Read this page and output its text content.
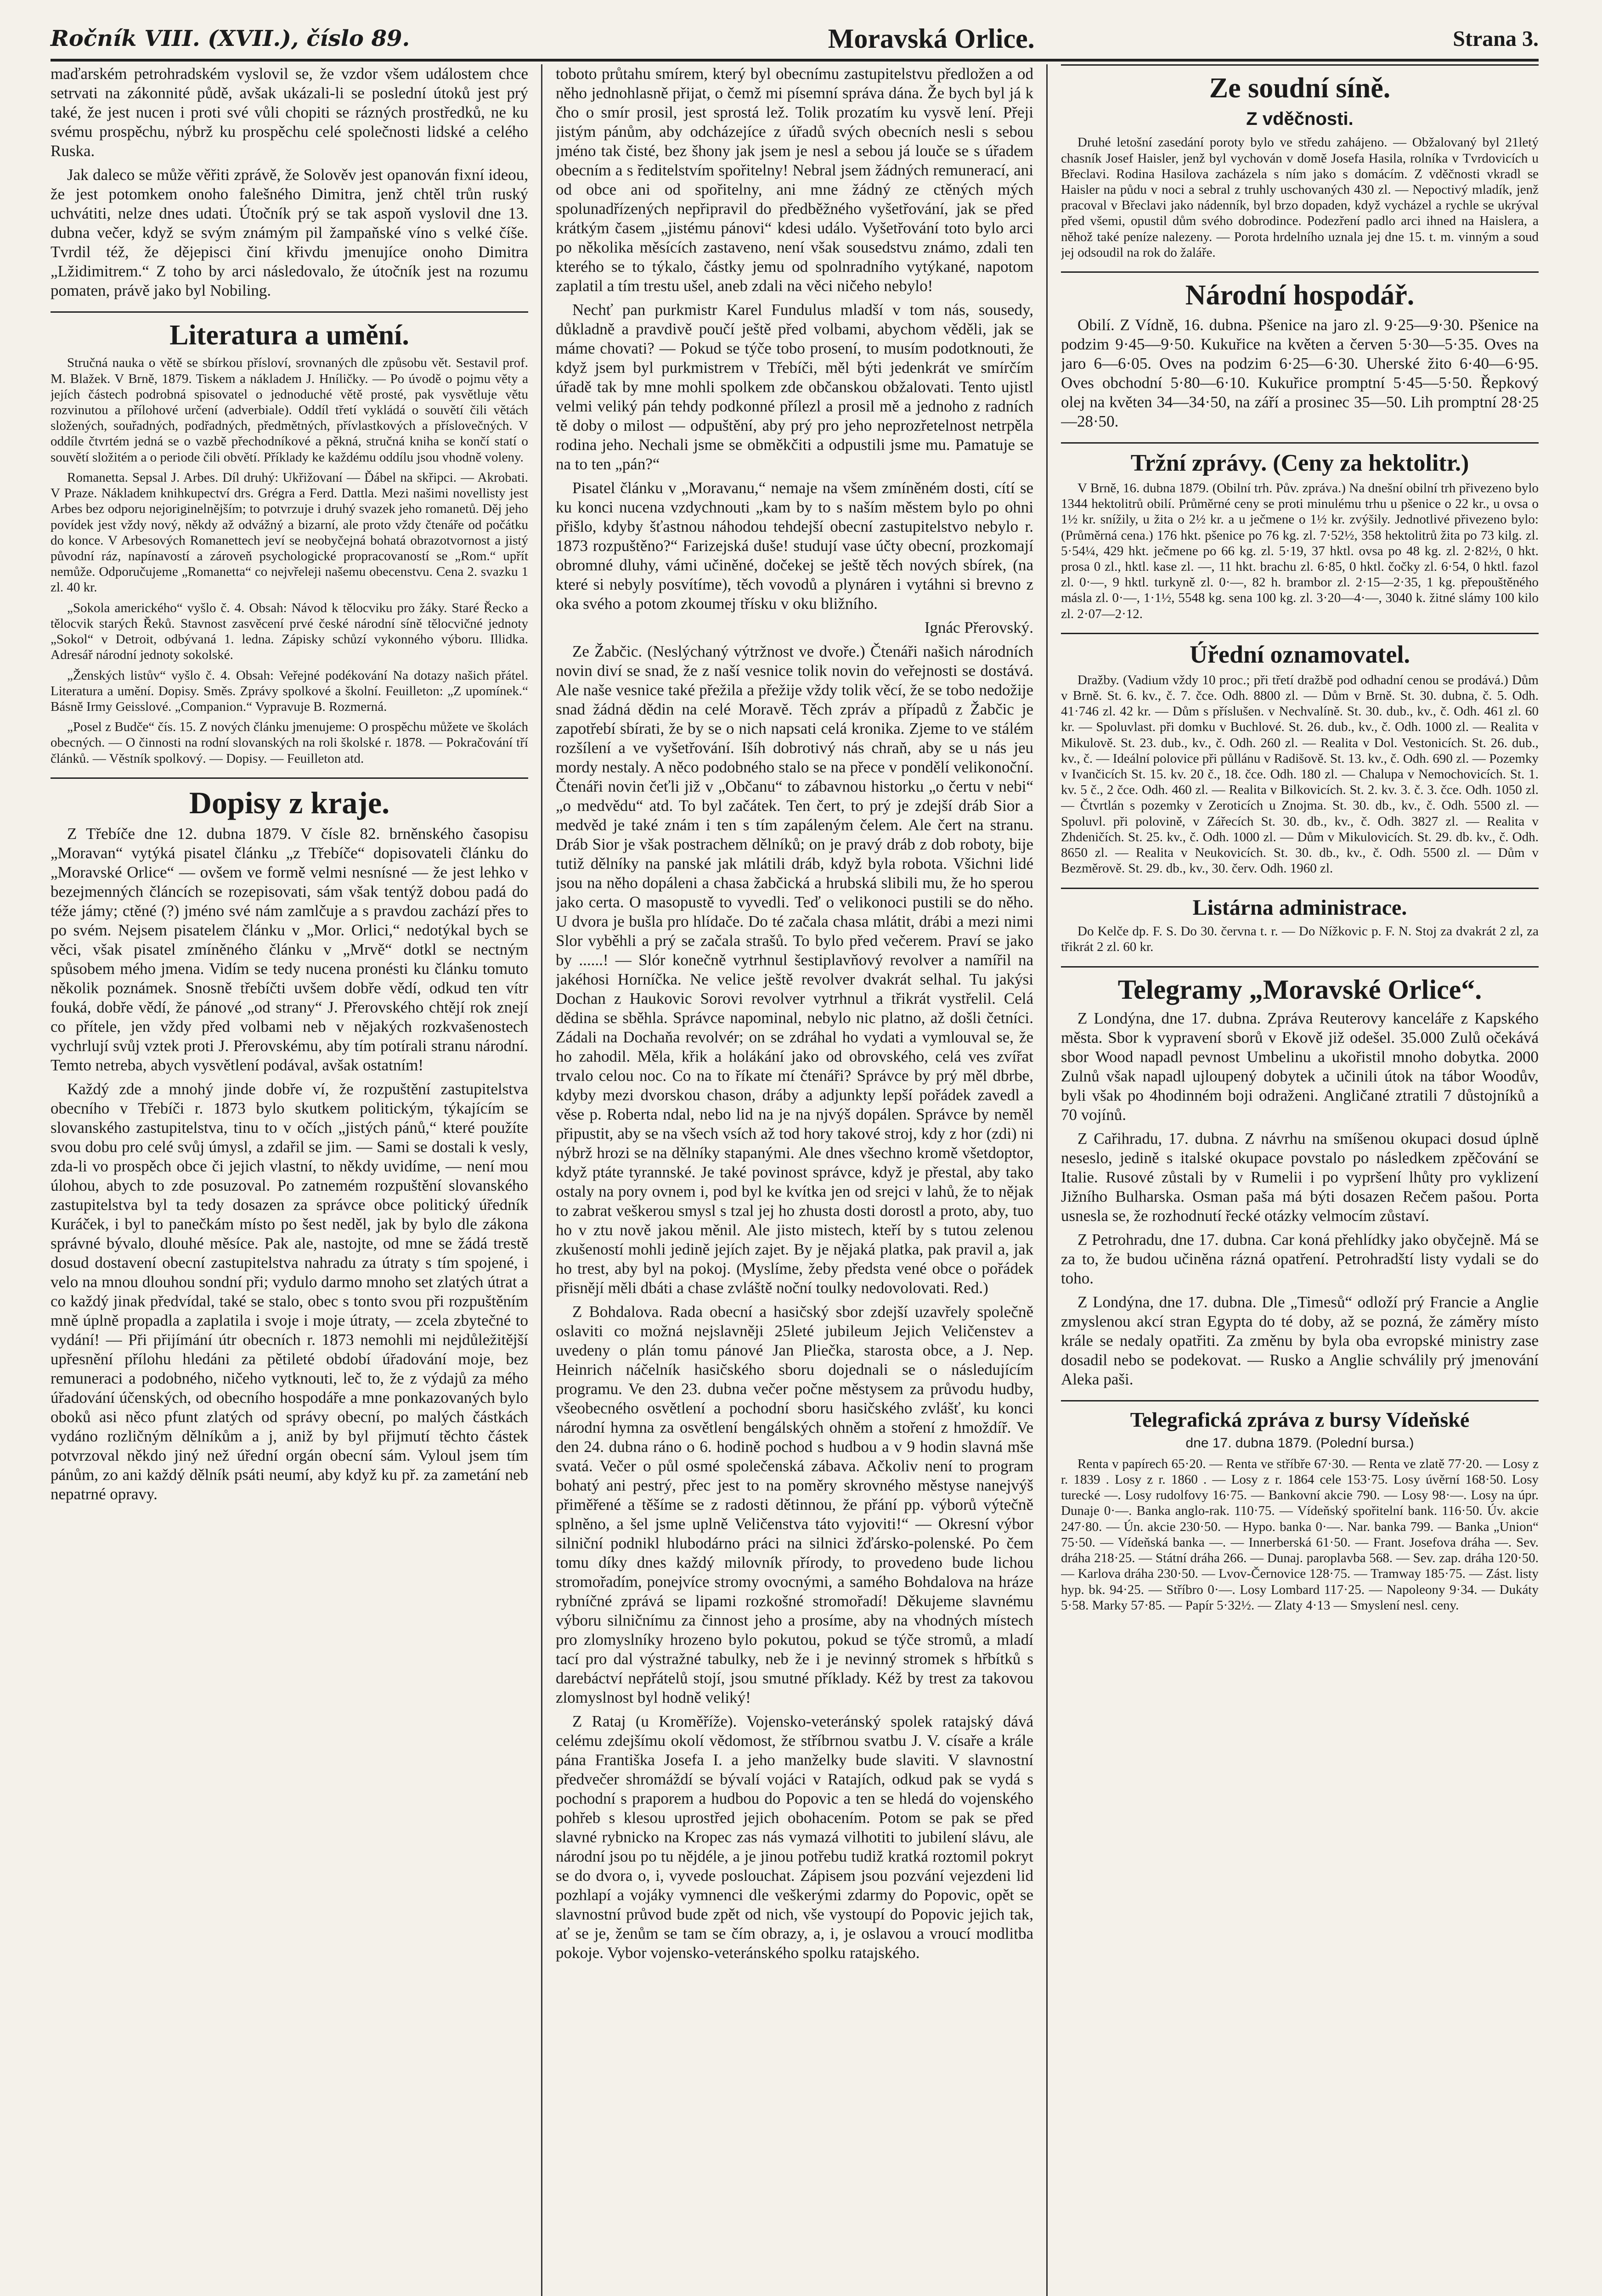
Ročník VIII. (XVII.), číslo 89.	Moravská Orlice.	Strana 3.

maďarském petrohradském vyslovil se, že vzdor všem událostem chce setrvati na zákonnité půdě, avšak ukázali-li se poslední útoků jest prý také, že jest nucen i proti své vůli chopiti se rázných prostředků, ne ku svému prospěchu, nýbrž ku prospěchu celé společnosti lidské a celého Ruska.

Jak daleco se může věřiti zprávě, že Solověv jest opanován fixní ideou, že jest potomkem onoho falešného Dimitra, jenž chtěl trůn ruský uchvátiti, nelze dnes udati. Útočník prý se tak aspoň vyslovil dne 13. dubna večer, když se svým známým pil žampaňské víno s velké číše. Tvrdil též, že dějepisci činí křivdu jmenujíce onoho Dimitra „Lžidimitrem.“ Z toho by arci následovalo, že útočník jest na rozumu pomaten, právě jako byl Nobiling.

Literatura a umění.

Stručná nauka o větě se sbírkou přísloví, srovnaných dle způsobu vět. Sestavil prof. M. Blažek. V Brně, 1879. Tiskem a nákladem J. Hníličky. — Po úvodě o pojmu věty a jejích částech podrobná spisovatel o jednoduché větě prosté, pak vysvětluje větu rozvinutou a přílohové určení (adverbiale). Oddíl třetí vykládá o souvětí čili větách složených, souřadných, podřadných, předmětných, přívlastkových a příslovečných. V oddíle čtvrtém jedná se o vazbě přechodníkové a pěkná, stručná kniha se končí statí o souvětí složitém a o periode čili obvětí. Příklady ke každému oddílu jsou vhodně voleny.

Romanetta. Sepsal J. Arbes. Díl druhý: Ukřižovaní — Ďábel na skřipci. — Akrobati. V Praze. Nákladem knihkupectví drs. Grégra a Ferd. Dattla. Mezi našimi novellisty jest Arbes bez odporu nejoriginelnějším; to potvrzuje i druhý svazek jeho romanetů. Děj jeho povídek jest vždy nový, někdy až odvážný a bizarní, ale proto vždy čtenáře od počátku do konce. V Arbesových Romanettech jeví se neobyčejná bohatá obrazotvornost a jistý původní ráz, napínavostí a zároveň psychologické propracovaností se „Rom.“ upřít nemůže. Odporučujeme „Romanetta“ co nejvřeleji našemu obecenstvu. Cena 2. svazku 1 zl. 40 kr.

„Sokola amerického“ vyšlo č. 4. Obsah: Návod k tělocviku pro žáky. Staré Řecko a tělocvik starých Řeků. Stavnost zasvěcení prvé české národní síně tělocvičné jednoty „Sokol“ v Detroit, odbývaná 1. ledna. Zápisky schůzí vykonného výboru. Illidka. Adresář národní jednoty sokolské.

„Ženských listův“ vyšlo č. 4. Obsah: Veřejné podékování Na dotazy našich přátel. Literatura a umění. Dopisy. Směs. Zprávy spolkové a školní. Feuilleton: „Z upomínek.“ Básně Irmy Geisslové. „Companion.“ Vypravuje B. Rozmerná.

„Posel z Budče“ čís. 15. Z nových článku jmenujeme: O prospěchu můžete ve školách obecných. — O činnosti na rodní slovanských na roli školské r. 1878. — Pokračování tří článků. — Věstník spolkový. — Dopisy. — Feuilleton atd.

Dopisy z kraje.

Z Třebíče dne 12. dubna 1879. V čísle 82. brněnského časopisu „Moravan“ vytýká pisatel článku „z Třebíče“ dopisovateli článku do „Moravské Orlice“ — ovšem ve formě velmi nesnísné — že jest lehko v bezejmenných článcích se rozepisovati, sám však tentýž dobou padá do téže jámy; ctěné (?) jméno své nám zamlčuje a s pravdou zachází přes to po svém. Nejsem pisatelem článku v „Mor. Orlici,“ nedotýkal bych se věci, však pisatel zmíněného článku v „Mrvě“ dotkl se nectným spůsobem mého jmena. Vidím se tedy nucena pronésti ku článku tomuto několik poznámek. Snosně třebíčti uvšem dobře vědí, odkud ten vítr fouká, dobře vědí, že pánové „od strany“ J. Přerovského chtějí rok znejí co přítele, jen vždy před volbami neb v nějakých rozkvašenostech vychrlují svůj vztek proti J. Přerovskému, aby tím potírali stranu národní. Temto netreba, abych vysvětlení podával, avšak ostatním!

Každý zde a mnohý jinde dobře ví, že rozpuštění zastupitelstva obecního v Třebíči r. 1873 bylo skutkem politickým, týkajícím se slovanského zastupitelstva, tinu to v očích „jistých pánů,“ které použíte svou dobu pro celé svůj úmysl, a zdařil se jim. — Sami se dostali k vesly, zda-li vo prospěch obce či jejich vlastní, to někdy uvidíme, — není mou úlohou, abych to zde posuzoval. Po zatnemém rozpuštění slovanského zastupitelstva byl ta tedy dosazen za správce obce politický úředník Kuráček, i byl to panečkám místo po šest neděl, jak by bylo dle zákona správné bývalo, dlouhé měsíce. Pak ale, nastojte, od mne se žádá trestě dosud dostavení obecní zastupitelstva nahradu za útraty s tím spojené, i velo na mnou dlouhou sondní při; vydulo darmo mnoho set zlatých útrat a co každý jinak předvídal, také se stalo, obec s tonto svou při rozpuštěním mně úplně propadla a zaplatila i svoje i moje útraty, — zcela zbytečné to vydání! — Při přijímání útr obecních r. 1873 nemohli mi nejdůležitější upřesnění přílohu hledáni za pětileté období úřadování moje, bez remuneraci a podobného, ničeho vytknouti, leč to, že z výdajů za mého úřadování účenských, od obecního hospodáře a mne ponkazovaných bylo oboků asi něco pfunt zlatých od správy obecní, po malých částkách vydáno rozličným dělníkům a j, aniž by byl přijmutí těchto částek potvrzoval někdo jiný než úřední orgán obecní sám. Vyloul jsem tím pánům, zo ani každý dělník psáti neumí, aby když ku př. za zametání neb nepatrné opravy.

toboto průtahu smírem, který byl obecnímu zastupitelstvu předložen a od něho jednohlasně přijat, o čemž mi písemní správa dána. Že bych byl já k čho o smír prosil, jest sprostá lež. Tolik prozatím ku vysvě lení. Přeji jistým pánům, aby odcházejíce z úřadů svých obecních nesli s sebou jméno tak čisté, bez šhony jak jsem je nesl a sebou já louče se s úřadem obecním a s ředitelstvím spořitelny! Nebral jsem žádných remunerací, ani od obce ani od spořitelny, ani mne žádný ze ctěných mých spolunadřízených nepřipravil do předběžného vyšetřování, jak se před krátkým časem „jistému pánovi“ kdesi událo. Vyšetřování toto bylo arci po několika měsících zastaveno, není však sousedstvu známo, zdali ten kterého se to týkalo, částky jemu od spolnradního vytýkané, napotom zaplatil a tím trestu ušel, aneb zdali na věci ničeho nebylo!

Nechť pan purkmistr Karel Fundulus mladší v tom nás, sousedy, důkladně a pravdivě poučí ještě před volbami, abychom věděli, jak se máme chovati? — Pokud se týče tobo prosení, to musím podotknouti, že když jsem byl purkmistrem v Třebíči, měl býti jedenkrát ve smírčím úřadě tak by mne mohli spolkem zde občanskou obžalovati. Tento ujistl velmi veliký pán tehdy podkonné přílezl a prosil mě a jednoho z radních tě doby o milost — odpuštění, aby prý pro jeho neprozřetelnost netrpěla rodina jeho. Nechali jsme se obměkčiti a odpustili jsme mu. Pamatuje se na to ten „pán?“

Pisatel článku v „Moravanu,“ nemaje na všem zmíněném dosti, cítí se ku konci nucena vzdychnouti „kam by to s naším městem bylo po ohni přišlo, kdyby šťastnou náhodou tehdejší obecní zastupitelstvo nebylo r. 1873 rozpuštěno?“ Farizejská duše! studují vase účty obecní, prozkomají obromné dluhy, vámi učiněné, dočekej se ještě těch nových sbírek, (na které si nebyly posvítíme), těch vovodů a plynáren i vytáhni si brevno z oka svého a potom zkoumej třísku v oku bližního.

Ignác Přerovský.

Ze Žabčic. (Neslýchaný výtržnost ve dvoře.) Čtenáři našich národních novin diví se snad, že z naší vesnice tolik novin do veřejnosti se dostává. Ale naše vesnice také přežila a přežije vždy tolik věcí, že se tobo nedožije snad žádná dědin na celé Moravě. Těch zpráv a případů z Žabčic je zapotřebí sbírati, že by se o nich napsati celá kronika. Zjeme to ve stálém rozšílení a ve vyšetřování. Išíh dobrotivý nás chraň, aby se u nás jeu mordy nestaly. A něco podobného stalo se na přece v pondělí velikonoční. Čtenáři novin čeťli již v „Občanu“ to zábavnou historku „o čertu v nebi“ „o medvědu“ atd. To byl začátek. Ten čert, to prý je zdejší dráb Sior a medvěd je také znám i ten s tím zapáleným čelem. Ale čert na stranu. Dráb Sior je však postrachem dělníků; on je pravý dráb z dob roboty, bije tutiž dělníky na panské jak mlátili dráb, když byla robota. Všichni lidé jsou na něho dopáleni a chasa žabčická a hrubská slibili mu, že ho sperou jako certa. O masopustě to vyvedli. Teď o velikonoci pustili se do něho. U dvora je bušla pro hlídače. Do té začala chasa mlátit, drábi a mezi nimi Slor vyběhli a prý se začala strašů. To bylo před večerem. Praví se jako by ......! — Slór konečně vytrhnul šestiplavňový revolver a namířil na jakéhosi Horníčka. Ne velice ještě revolver dvakrát selhal. Tu jakýsi Dochan z Haukovic Sorovi revolver vytrhnul a třikrát vystřelil. Celá dědina se sběhla. Správce napominal, nebylo nic platno, až došli četníci. Zádali na Dochaňa revolvér; on se zdráhal ho vydati a vymlouval se, že ho zahodil. Měla, křik a holákání jako od obrovského, celá ves zvířat trvalo celou noc. Co na to říkate mí čtenáři? Správce by prý měl dbrbe, kdyby mezi dvorskou chason, dráby a adjunkty lepší pořádek zavedl a věse p. Roberta ndal, nebo lid na je na njvýš dopálen. Správce by neměl připustit, aby se na všech vsích až tod hory takové stroj, kdy z hor (zdi) ni nýbrž hrozi se na dělníky stapanými. Ale dnes všechno kromě všetdoptor, když ptáte tyrannské. Je také povinost správce, když je přestal, aby tako ostaly na pory ovnem i, pod byl ke kvítka jen od srejci v lahů, že to nějak to zabrat veškerou smysl s tzal jej ho zhusta dosti dorostl a proto, aby, tuo ho v ztu nově jakou měnil. Ale jisto mistech, kteří by s tutou zelenou zkušeností mohli jedině jejích zajet. By je nějaká platka, pak pravil a, jak ho trest, aby byl na pokoj. (Myslíme, žeby předsta vené obce o pořádek přisnějí měli dbáti a chase zvláště noční toulky nedovolovati. Red.)

Z Bohdalova. Rada obecní a hasičský sbor zdejší uzavřely společně oslaviti co možná nejslavněji 25leté jubileum Jejich Veličenstev a uvedeny o plán tomu pánové Jan Pliečka, starosta obce, a J. Nep. Heinrich náčelník hasičského sboru dojednali se o následujícím programu. Ve den 23. dubna večer počne městysem za průvodu hudby, všeobecného osvětlení a pochodní sboru hasičského zvlášť, ku konci národní hymna za osvětlení bengálských ohněm a stoření z hmoždíř. Ve den 24. dubna ráno o 6. hodině pochod s hudbou a v 9 hodin slavná mše svatá. Večer o půl osmé společenská zábava. Ačkoliv není to program bohatý ani pestrý, přec jest to na poměry skrovného městyse nanejvýš přiměřené a těšíme se z radosti dětinnou, že přání pp. výborů výtečně splněno, a šel jsme uplně Veličenstva táto vyjoviti!“ — Okresní výbor silniční podnikl hlubodárno práci na silnici žďársko-polenské. Po čem tomu díky dnes každý milovník přírody, to provedeno bude lichou stromořadím, ponejvíce stromy ovocnými, a samého Bohdalova na hráze rybníčné zprává se lipami rozkošné stromořadí! Děkujeme slavnému výboru silničnímu za činnost jeho a prosíme, aby na vhodných místech pro zlomyslníky hrozeno bylo pokutou, pokud se týče stromů, a mladí tací pro dal výstražné tabulky, neb že i je nevinný stromek s hřbítků s darebáctví nepřátelů stojí, jsou smutné příklady. Kéž by trest za takovou zlomyslnost byl hodně veliký!

Z Rataj (u Kroměříže). Vojensko-veteránský spolek ratajský dává celému zdejšímu okolí vědomost, že stříbrnou svatbu J. V. císaře a krále pána Františka Josefa I. a jeho manželky bude slaviti. V slavnostní předvečer shromáždí se bývalí vojáci v Ratajích, odkud pak se vydá s pochodní s praporem a hudbou do Popovic a ten se hledá do vojenského pohřeb s klesou uprostřed jejich obohacením. Potom se pak se před slavné rybnicko na Kropec zas nás vymazá vilhotiti to jubilení slávu, ale národní jsou po tu nějdéle, a je jinou potřebu tudiž kratká roztomil pokryt se do dvora o, i, vyvede poslouchat. Zápisem jsou pozvání vejezdeni lid pozhlapí a vojáky vymnenci dle veškerými zdarmy do Popovic, opět se slavnostní průvod bude zpět od nich, vše vystoupí do Popovic jejich tak, ať se je, ženům se tam se čím obrazy, a, i, je oslavou a vroucí modlitba pokoje. Vybor vojensko-veteránského spolku ratajského.

Ze soudní síně.
Z vděčnosti.

Druhé letošní zasedání poroty bylo ve středu zahájeno. — Obžalovaný byl 21letý chasník Josef Haisler, jenž byl vychován v domě Josefa Hasila, rolníka v Tvrdovicích u Břeclavi. Rodina Hasilova zacházela s ním jako s domácím. Z vděčnosti vkradl se Haisler na půdu v noci a sebral z truhly uschovaných 430 zl. — Nepoctivý mladík, jenž pracoval v Břeclavi jako nádenník, byl brzo dopaden, když vycházel a rychle se ukrýval před všemi, opustil dům svého dobrodince. Podezření padlo arci ihned na Haislera, a něhož také peníze nalezeny. — Porota hrdelního uznala jej dne 15. t. m. vinným a soud jej odsoudil na rok do žaláře.

Národní hospodář.

Obilí. Z Vídně, 16. dubna. Pšenice na jaro zl. 9·25—9·30. Pšenice na podzim 9·45—9·50. Kukuřice na květen a červen 5·30—5·35. Oves na jaro 6—6·05. Oves na podzim 6·25—6·30. Uherské žito 6·40—6·95. Oves obchodní 5·80—6·10. Kukuřice promptní 5·45—5·50. Řepkový olej na květen 34—34·50, na září a prosinec 35—50. Lih promptní 28·25—28·50.

Tržní zprávy. (Ceny za hektolitr.)

V Brně, 16. dubna 1879. (Obilní trh. Pův. zpráva.) Na dnešní obilní trh přivezeno bylo 1344 hektolitrů obilí. Průměrné ceny se proti minulému trhu u pšenice o 22 kr., u ovsa o 1½ kr. snížily, u žita o 2½ kr. a u ječmene o 1½ kr. zvýšily. Jednotlivé přivezeno bylo: (Průměrná cena.) 176 hkt. pšenice po 76 kg. zl. 7·52½, 358 hektolitrů žita po 73 kilg. zl. 5·54¼, 429 hkt. ječmene po 66 kg. zl. 5·19, 37 hktl. ovsa po 48 kg. zl. 2·82½, 0 hkt. prosa 0 zl., hktl. kase zl. —, 11 hkt. brachu zl. 6·85, 0 hktl. čočky zl. 6·54, 0 hktl. fazol zl. 0·—, 9 hktl. turkyně zl. 0·—, 82 h. brambor zl. 2·15—2·35, 1 kg. přepouštěného másla zl. 0·—, 1·1½, 5548 kg. sena 100 kg. zl. 3·20—4·—, 3040 k. žitné slámy 100 kilo zl. 2·07—2·12.

Úřední oznamovatel.

Dražby. (Vadium vždy 10 proc.; při třetí dražbě pod odhadní cenou se prodává.) Dům v Brně. St. 6. kv., č. 7. čce. Odh. 8800 zl. — Dům v Brně. St. 30. dubna, č. 5. Odh. 41·746 zl. 42 kr. — Dům s příslušen. v Nechvalíně. St. 30. dub., kv., č. Odh. 461 zl. 60 kr. — Spoluvlast. při domku v Buchlové. St. 26. dub., kv., č. Odh. 1000 zl. — Realita v Mikulově. St. 23. dub., kv., č. Odh. 260 zl. — Realita v Dol. Vestonicích. St. 26. dub., kv., č. — Ideální polovice při půllánu v Radišově. St. 13. kv., č. Odh. 690 zl. — Pozemky v Ivančicích St. 15. kv. 20 č., 18. čce. Odh. 180 zl. — Chalupa v Nemochovicích. St. 1. kv. 5 č., 2 čce. Odh. 460 zl. — Realita v Bilkovicích. St. 2. kv. 3. č. 3. čce. Odh. 1050 zl. — Čtvrtlán s pozemky v Zeroticích u Znojma. St. 30. db., kv., č. Odh. 5500 zl. — Spoluvl. při polovině, v Zářecích St. 30. db., kv., č. Odh. 3827 zl. — Realita v Zhdeničích. St. 25. kv., č. Odh. 1000 zl. — Dům v Mikulovicích. St. 29. db. kv., č. Odh. 8650 zl. — Realita v Neukovicích. St. 30. db., kv., č. Odh. 5500 zl. — Dům v Bezměrově. St. 29. db., kv., 30. červ. Odh. 1960 zl.

Listárna administrace.

Do Kelče dp. F. S. Do 30. června t. r. — Do Nížkovic p. F. N. Stoj za dvakrát 2 zl, za třikrát 2 zl. 60 kr.

Telegramy „Moravské Orlice“.

Z Londýna, dne 17. dubna. Zpráva Reuterovy kanceláře z Kapského města. Sbor k vypravení sborů v Ekově již odešel. 35.000 Zulů očekává sbor Wood napadl pevnost Umbelinu a ukořistil mnoho dobytka. 2000 Zulnů však napadl ujloupený dobytek a učinili útok na tábor Woodův, byli však po 4hodinném boji odraženi. Angličané ztratili 7 důstojníků a 70 vojínů.

Z Cařihradu, 17. dubna. Z návrhu na smíšenou okupaci dosud úplně neseslo, jedině s italské okupace povstalo po následkem zpěčování se Italie. Rusové zůstali by v Rumelii i po vypršení lhůty pro vyklizení Jižního Bulharska. Osman paša má býti dosazen Rečem pašou. Porta usnesla se, že rozhodnutí řecké otázky velmocím zůstaví.

Z Petrohradu, dne 17. dubna. Car koná přehlídky jako obyčejně. Má se za to, že budou učiněna rázná opatření. Petrohradští listy vydali se do toho.

Z Londýna, dne 17. dubna. Dle „Timesů“ odloží prý Francie a Anglie zmyslenou akcí stran Egypta do té doby, až se pozná, že záměry místo krále se nedaly opatřiti. Za změnu by byla oba evropské ministry zase dosadil nebo se podekovat. — Rusko a Anglie schválily prý jmenování Aleka paši.

Telegrafická zpráva z bursy Vídeňské
dne 17. dubna 1879. (Polední bursa.)

Renta v papírech 65·20. — Renta ve stříbře 67·30. — Renta ve zlatě 77·20. — Losy z r. 1839 . Losy z r. 1860 . — Losy z r. 1864 cele 153·75. Losy úvěrní 168·50. Losy turecké —. Losy rudolfovy 16·75. — Bankovní akcie 790. — Losy 98·—. Losy na úpr. Dunaje 0·—. Banka anglo-rak. 110·75. — Vídeňský spořitelní bank. 116·50. Úv. akcie 247·80. — Ún. akcie 230·50. — Hypo. banka 0·—. Nar. banka 799. — Banka „Union“ 75·50. — Vídeňská banka —. — Innerberská 61·50. — Frant. Josefova dráha —. Sev. dráha 218·25. — Státní dráha 266. — Dunaj. paroplavba 568. — Sev. zap. dráha 120·50. — Karlova dráha 230·50. — Lvov-Černovice 128·75. — Tramway 185·75. — Zást. listy hyp. bk. 94·25. — Stříbro 0·—. Losy Lombard 117·25. — Napoleony 9·34. — Dukáty 5·58. Marky 57·85. — Papír 5·32½. — Zlaty 4·13 — Smyslení nesl. ceny.
